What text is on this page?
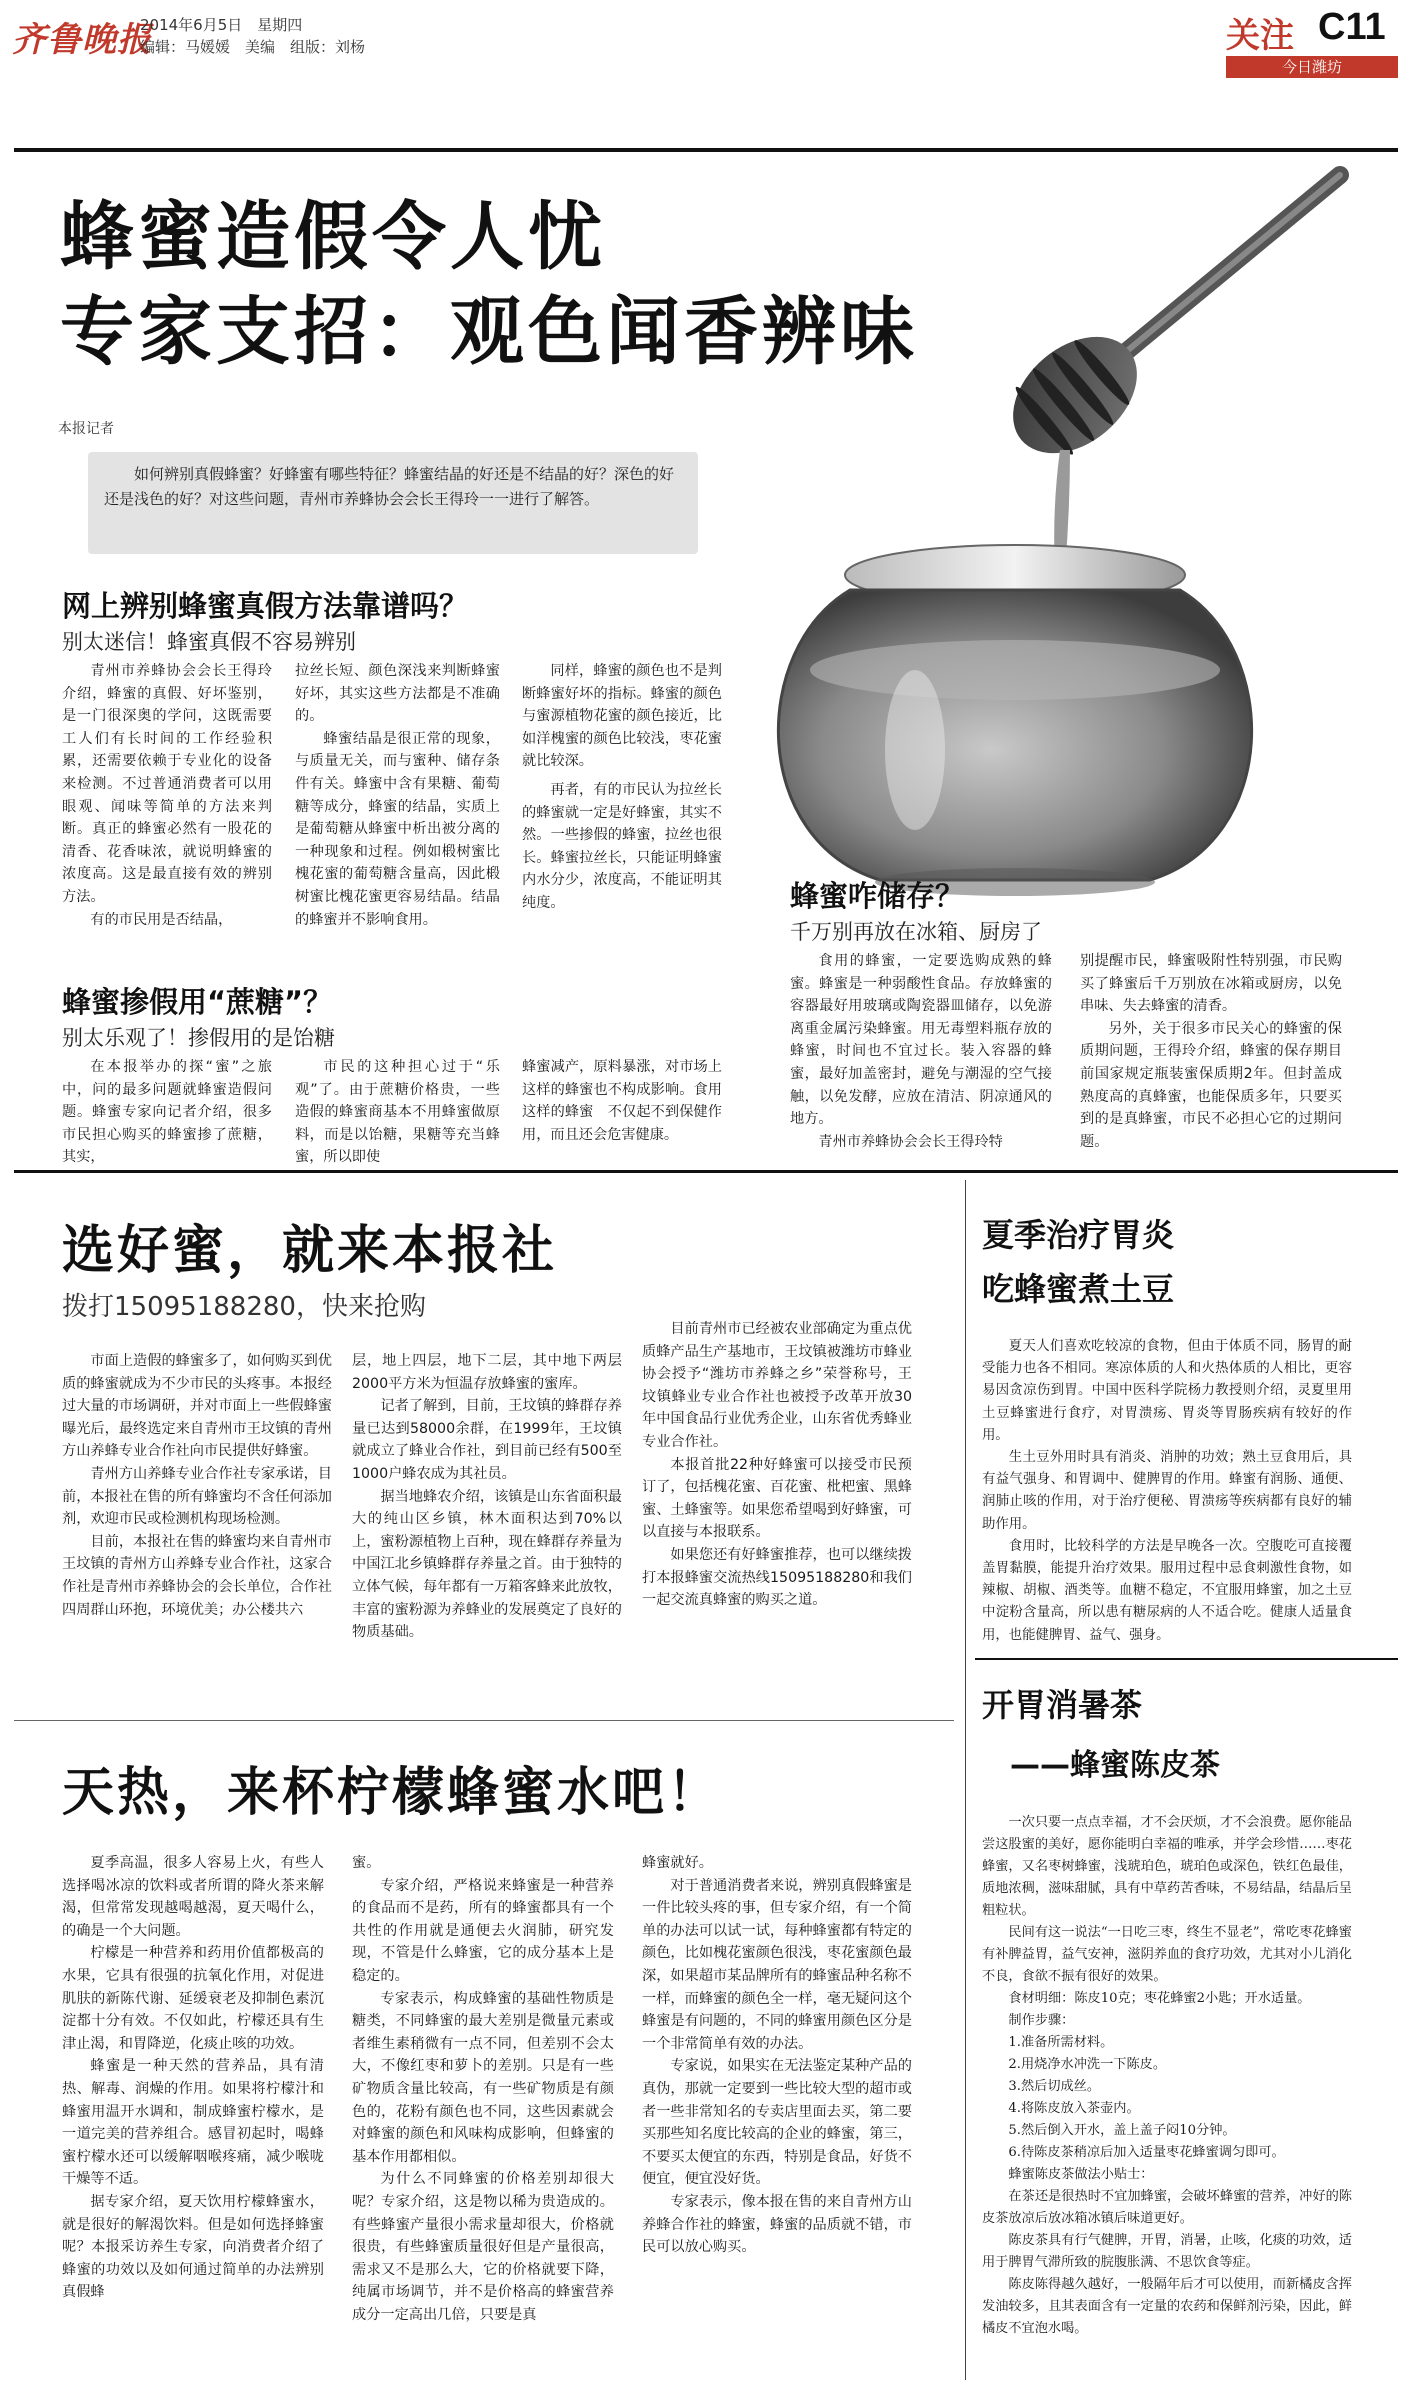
齐鲁晚报
2014年6月5日　星期四
编辑：马媛媛　美编　组版：刘杨	关注 C11
今日潍坊
蜂蜜造假令人忧
专家支招：观色闻香辨味
本报记者
如何辨别真假蜂蜜？好蜂蜜有哪些特征？蜂蜜结晶的好还是不结晶的好？深色的好还是浅色的好？对这些问题，青州市养蜂协会会长王得玲一一进行了解答。
网上辨别蜂蜜真假方法靠谱吗？
别太迷信！蜂蜜真假不容易辨别

青州市养蜂协会会长王得玲介绍，蜂蜜的真假、好坏鉴别，是一门很深奥的学问，这既需要工人们有长时间的工作经验积累，还需要依赖于专业化的设备来检测。不过普通消费者可以用眼观、闻味等简单的方法来判断。真正的蜂蜜必然有一股花的清香、花香味浓，就说明蜂蜜的浓度高。这是最直接有效的辨别方法。

有的市民用是否结晶，

拉丝长短、颜色深浅来判断蜂蜜好坏，其实这些方法都是不准确的。

蜂蜜结晶是很正常的现象，与质量无关，而与蜜种、储存条件有关。蜂蜜中含有果糖、葡萄糖等成分，蜂蜜的结晶，实质上是葡萄糖从蜂蜜中析出被分离的一种现象和过程。例如椴树蜜比槐花蜜的葡萄糖含量高，因此椴树蜜比槐花蜜更容易结晶。结晶的蜂蜜并不影响食用。

同样，蜂蜜的颜色也不是判断蜂蜜好坏的指标。蜂蜜的颜色与蜜源植物花蜜的颜色接近，比如洋槐蜜的颜色比较浅，枣花蜜就比较深。

再者，有的市民认为拉丝长的蜂蜜就一定是好蜂蜜，其实不然。一些掺假的蜂蜜，拉丝也很长。蜂蜜拉丝长，只能证明蜂蜜内水分少，浓度高，不能证明其纯度。

蜂蜜掺假用“蔗糖”？
别太乐观了！掺假用的是饴糖

在本报举办的探“蜜”之旅中，问的最多问题就蜂蜜造假问题。蜂蜜专家向记者介绍，很多市民担心购买的蜂蜜掺了蔗糖，其实，

市民的这种担心过于“乐观”了。由于蔗糖价格贵，一些造假的蜂蜜商基本不用蜂蜜做原料，而是以饴糖，果糖等充当蜂蜜，所以即使

蜂蜜减产，原料暴涨，对市场上这样的蜂蜜也不构成影响。食用这样的蜂蜜　不仅起不到保健作用，而且还会危害健康。

蜂蜜咋储存？
千万别再放在冰箱、厨房了

食用的蜂蜜，一定要选购成熟的蜂蜜。蜂蜜是一种弱酸性食品。存放蜂蜜的容器最好用玻璃或陶瓷器皿储存，以免游离重金属污染蜂蜜。用无毒塑料瓶存放的蜂蜜，时间也不宜过长。装入容器的蜂蜜，最好加盖密封，避免与潮湿的空气接触，以免发酵，应放在清洁、阴凉通风的地方。

青州市养蜂协会会长王得玲特

别提醒市民，蜂蜜吸附性特别强，市民购买了蜂蜜后千万别放在冰箱或厨房，以免串味、失去蜂蜜的清香。

另外，关于很多市民关心的蜂蜜的保质期问题，王得玲介绍，蜂蜜的保存期目前国家规定瓶装蜜保质期2年。但封盖成熟度高的真蜂蜜，也能保质多年，只要买到的是真蜂蜜，市民不必担心它的过期问题。

选好蜜，就来本报社
拨打15095188280，快来抢购

市面上造假的蜂蜜多了，如何购买到优质的蜂蜜就成为不少市民的头疼事。本报经过大量的市场调研，并对市面上一些假蜂蜜曝光后，最终选定来自青州市王坟镇的青州方山养蜂专业合作社向市民提供好蜂蜜。

青州方山养蜂专业合作社专家承诺，目前，本报社在售的所有蜂蜜均不含任何添加剂，欢迎市民或检测机构现场检测。

目前，本报社在售的蜂蜜均来自青州市王坟镇的青州方山养蜂专业合作社，这家合作社是青州市养蜂协会的会长单位，合作社四周群山环抱，环境优美；办公楼共六

层，地上四层，地下二层，其中地下两层2000平方米为恒温存放蜂蜜的蜜库。

记者了解到，目前，王坟镇的蜂群存养量已达到58000余群，在1999年，王坟镇就成立了蜂业合作社，到目前已经有500至1000户蜂农成为其社员。

据当地蜂农介绍，该镇是山东省面积最大的纯山区乡镇，林木面积达到70%以上，蜜粉源植物上百种，现在蜂群存养量为中国江北乡镇蜂群存养量之首。由于独特的立体气候，每年都有一万箱客蜂来此放牧，丰富的蜜粉源为养蜂业的发展奠定了良好的物质基础。

目前青州市已经被农业部确定为重点优质蜂产品生产基地市，王坟镇被潍坊市蜂业协会授予“潍坊市养蜂之乡”荣誉称号，王坟镇蜂业专业合作社也被授予改革开放30年中国食品行业优秀企业，山东省优秀蜂业专业合作社。

本报首批22种好蜂蜜可以接受市民预订了，包括槐花蜜、百花蜜、枇杷蜜、黑蜂蜜、土蜂蜜等。如果您希望喝到好蜂蜜，可以直接与本报联系。

如果您还有好蜂蜜推荐，也可以继续拨打本报蜂蜜交流热线15095188280和我们一起交流真蜂蜜的购买之道。

天热，来杯柠檬蜂蜜水吧！

夏季高温，很多人容易上火，有些人选择喝冰凉的饮料或者所谓的降火茶来解渴，但常常发现越喝越渴，夏天喝什么，的确是一个大问题。

柠檬是一种营养和药用价值都极高的水果，它具有很强的抗氧化作用，对促进肌肤的新陈代谢、延缓衰老及抑制色素沉淀都十分有效。不仅如此，柠檬还具有生津止渴，和胃降逆，化痰止咳的功效。

蜂蜜是一种天然的营养品，具有清热、解毒、润燥的作用。如果将柠檬汁和蜂蜜用温开水调和，制成蜂蜜柠檬水，是一道完美的营养组合。感冒初起时，喝蜂蜜柠檬水还可以缓解咽喉疼痛，减少喉咙干燥等不适。

据专家介绍，夏天饮用柠檬蜂蜜水，就是很好的解渴饮料。但是如何选择蜂蜜呢？本报采访养生专家，向消费者介绍了蜂蜜的功效以及如何通过简单的办法辨别真假蜂

蜜。

专家介绍，严格说来蜂蜜是一种营养的食品而不是药，所有的蜂蜜都具有一个共性的作用就是通便去火润肺，研究发现，不管是什么蜂蜜，它的成分基本上是稳定的。

专家表示，构成蜂蜜的基础性物质是糖类，不同蜂蜜的最大差别是微量元素或者维生素稍微有一点不同，但差别不会太大，不像红枣和萝卜的差别。只是有一些矿物质含量比较高，有一些矿物质是有颜色的，花粉有颜色也不同，这些因素就会对蜂蜜的颜色和风味构成影响，但蜂蜜的基本作用都相似。

为什么不同蜂蜜的价格差别却很大呢？专家介绍，这是物以稀为贵造成的。有些蜂蜜产量很小需求量却很大，价格就很贵，有些蜂蜜质量很好但是产量很高，需求又不是那么大，它的价格就要下降，纯属市场调节，并不是价格高的蜂蜜营养成分一定高出几倍，只要是真

蜂蜜就好。

对于普通消费者来说，辨别真假蜂蜜是一件比较头疼的事，但专家介绍，有一个简单的办法可以试一试，每种蜂蜜都有特定的颜色，比如槐花蜜颜色很浅，枣花蜜颜色最深，如果超市某品牌所有的蜂蜜品种名称不一样，而蜂蜜的颜色全一样，毫无疑问这个蜂蜜是有问题的，不同的蜂蜜用颜色区分是一个非常简单有效的办法。

专家说，如果实在无法鉴定某种产品的真伪，那就一定要到一些比较大型的超市或者一些非常知名的专卖店里面去买，第二要买那些知名度比较高的企业的蜂蜜，第三，不要买太便宜的东西，特别是食品，好货不便宜，便宜没好货。

专家表示，像本报在售的来自青州方山养蜂合作社的蜂蜜，蜂蜜的品质就不错，市民可以放心购买。

夏季治疗胃炎
吃蜂蜜煮土豆

夏天人们喜欢吃较凉的食物，但由于体质不同，肠胃的耐受能力也各不相同。寒凉体质的人和火热体质的人相比，更容易因贪凉伤到胃。中国中医科学院杨力教授则介绍，灵夏里用土豆蜂蜜进行食疗，对胃溃疡、胃炎等胃肠疾病有较好的作用。

生土豆外用时具有消炎、消肿的功效；熟土豆食用后，具有益气强身、和胃调中、健脾胃的作用。蜂蜜有润肠、通便、润肺止咳的作用，对于治疗便秘、胃溃疡等疾病都有良好的辅助作用。

食用时，比较科学的方法是早晚各一次。空腹吃可直接覆盖胃黏膜，能提升治疗效果。服用过程中忌食刺激性食物，如辣椒、胡椒、酒类等。血糖不稳定，不宜服用蜂蜜，加之土豆中淀粉含量高，所以患有糖尿病的人不适合吃。健康人适量食用，也能健脾胃、益气、强身。

开胃消暑茶
——蜂蜜陈皮茶

一次只要一点点幸福，才不会厌烦，才不会浪费。愿你能品尝这股蜜的美好，愿你能明白幸福的唯承，并学会珍惜……枣花蜂蜜，又名枣树蜂蜜，浅琥珀色，琥珀色或深色，铁红色最佳，质地浓稠，滋味甜腻，具有中草药苦香味，不易结晶，结晶后呈粗粒状。

民间有这一说法“一日吃三枣，终生不显老”，常吃枣花蜂蜜有补脾益胃，益气安神，滋阴养血的食疗功效，尤其对小儿消化不良，食欲不振有很好的效果。

食材明细：陈皮10克；枣花蜂蜜2小匙；开水适量。

制作步骤：

1.准备所需材料。
2.用烧净水冲洗一下陈皮。
3.然后切成丝。
4.将陈皮放入茶壶内。
5.然后倒入开水，盖上盖子闷10分钟。
6.待陈皮茶稍凉后加入适量枣花蜂蜜调匀即可。

蜂蜜陈皮茶做法小贴士：

在茶还是很热时不宜加蜂蜜，会破坏蜂蜜的营养，冲好的陈皮茶放凉后放冰箱冰镇后味道更好。

陈皮茶具有行气健脾，开胃，消暑，止咳，化痰的功效，适用于脾胃气滞所致的脘腹胀满、不思饮食等症。

陈皮陈得越久越好，一般隔年后才可以使用，而新橘皮含挥发油较多，且其表面含有一定量的农药和保鲜剂污染，因此，鲜橘皮不宜泡水喝。
